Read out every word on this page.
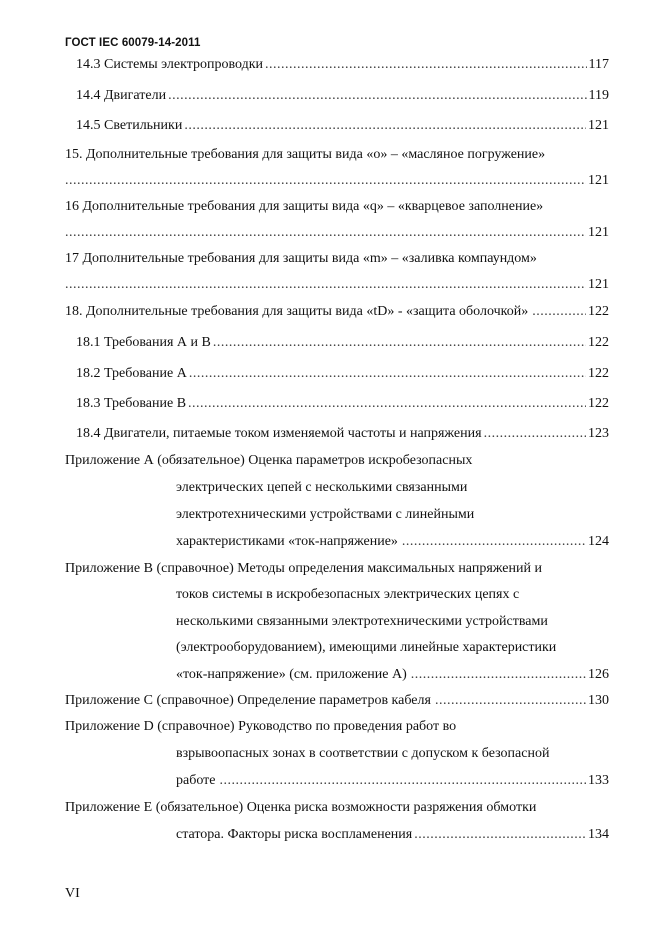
ГОСТ IEC 60079-14-2011
14.3 Системы электропроводки .....	117
14.4 Двигатели .....	119
14.5 Светильники .....	121
15. Дополнительные требования для защиты вида «о» – «масляное погружение»
.....
121
16 Дополнительные требования для защиты вида «q» – «кварцевое заполнение»
.....
121
17 Дополнительные требования для защиты вида «m» – «заливка компаундом»
.....
121
18. Дополнительные требования для защиты вида «tD» - «защита оболочкой» .....	122
18.1 Требования А и В .....	122
18.2 Требование А .....	122
18.3 Требование В .....	122
18.4 Двигатели, питаемые током изменяемой частоты и напряжения .....	123
Приложение А (обязательное) Оценка параметров искробезопасных
электрических цепей с несколькими связанными
электротехническими устройствами с линейными
характеристиками «ток-напряжение» .....	124
Приложение В (справочное) Методы определения максимальных напряжений и
токов системы в искробезопасных электрических цепях с
несколькими связанными электротехническими устройствами
(электрооборудованием), имеющими линейные характеристики
«ток-напряжение» (см. приложение А) .....	126
Приложение С (справочное) Определение параметров кабеля .....	130
Приложение D (справочное) Руководство по проведения работ во
взрывоопасных зонах в соответствии с допуском к безопасной
работе .....	133
Приложение Е (обязательное) Оценка риска возможности разряжения обмотки
статора. Факторы риска воспламенения .....	134
VI
